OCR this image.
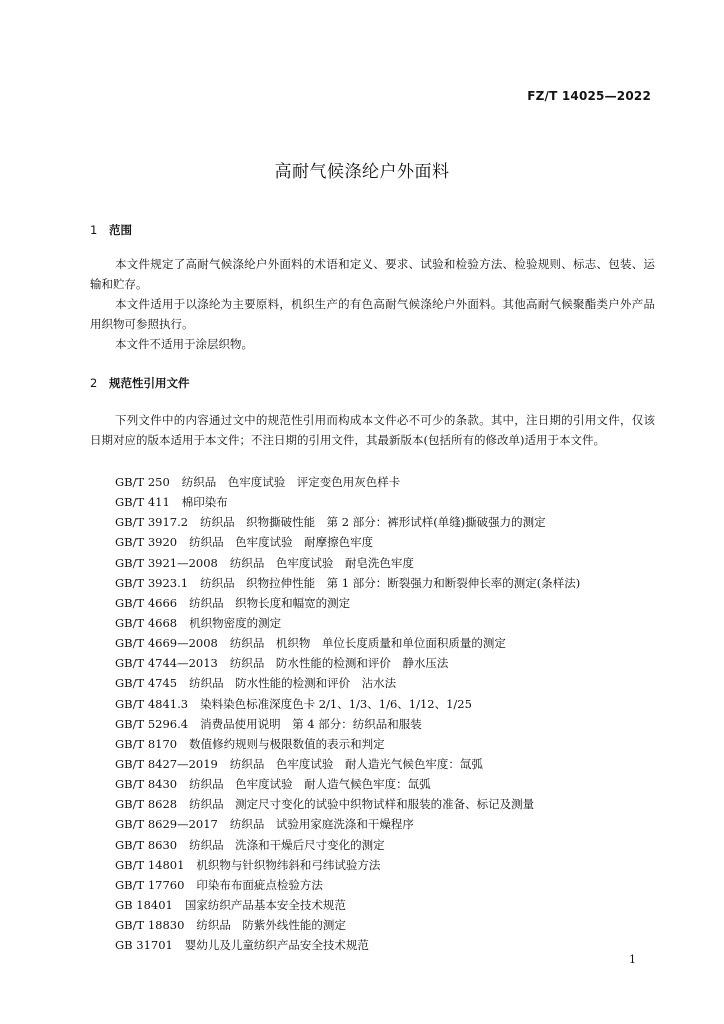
FZ/T 14025—2022
高耐气候涤纶户外面料
1 范围
本文件规定了高耐气候涤纶户外面料的术语和定义、要求、试验和检验方法、检验规则、标志、包装、运输和贮存。
本文件适用于以涤纶为主要原料，机织生产的有色高耐气候涤纶户外面料。其他高耐气候聚酯类户外产品用织物可参照执行。
本文件不适用于涂层织物。
2 规范性引用文件
下列文件中的内容通过文中的规范性引用而构成本文件必不可少的条款。其中，注日期的引用文件，仅该日期对应的版本适用于本文件；不注日期的引用文件，其最新版本(包括所有的修改单)适用于本文件。
GB/T 250 纺织品　色牢度试验　评定变色用灰色样卡
GB/T 411 棉印染布
GB/T 3917.2 纺织品　织物撕破性能　第 2 部分：裤形试样(单缝)撕破强力的测定
GB/T 3920 纺织品　色牢度试验　耐摩擦色牢度
GB/T 3921—2008 纺织品　色牢度试验　耐皂洗色牢度
GB/T 3923.1 纺织品　织物拉伸性能　第 1 部分：断裂强力和断裂伸长率的测定(条样法)
GB/T 4666 纺织品　织物长度和幅宽的测定
GB/T 4668 机织物密度的测定
GB/T 4669—2008 纺织品　机织物　单位长度质量和单位面积质量的测定
GB/T 4744—2013 纺织品　防水性能的检测和评价　静水压法
GB/T 4745 纺织品　防水性能的检测和评价　沾水法
GB/T 4841.3 染料染色标准深度色卡 2/1、1/3、1/6、1/12、1/25
GB/T 5296.4 消费品使用说明　第 4 部分：纺织品和服装
GB/T 8170 数值修约规则与极限数值的表示和判定
GB/T 8427—2019 纺织品　色牢度试验　耐人造光气候色牢度：氙弧
GB/T 8430 纺织品　色牢度试验　耐人造气候色牢度：氙弧
GB/T 8628 纺织品　测定尺寸变化的试验中织物试样和服装的准备、标记及测量
GB/T 8629—2017 纺织品　试验用家庭洗涤和干燥程序
GB/T 8630 纺织品　洗涤和干燥后尺寸变化的测定
GB/T 14801 机织物与针织物纬斜和弓纬试验方法
GB/T 17760 印染布布面疵点检验方法
GB 18401 国家纺织产品基本安全技术规范
GB/T 18830 纺织品　防紫外线性能的测定
GB 31701 婴幼儿及儿童纺织产品安全技术规范
1
